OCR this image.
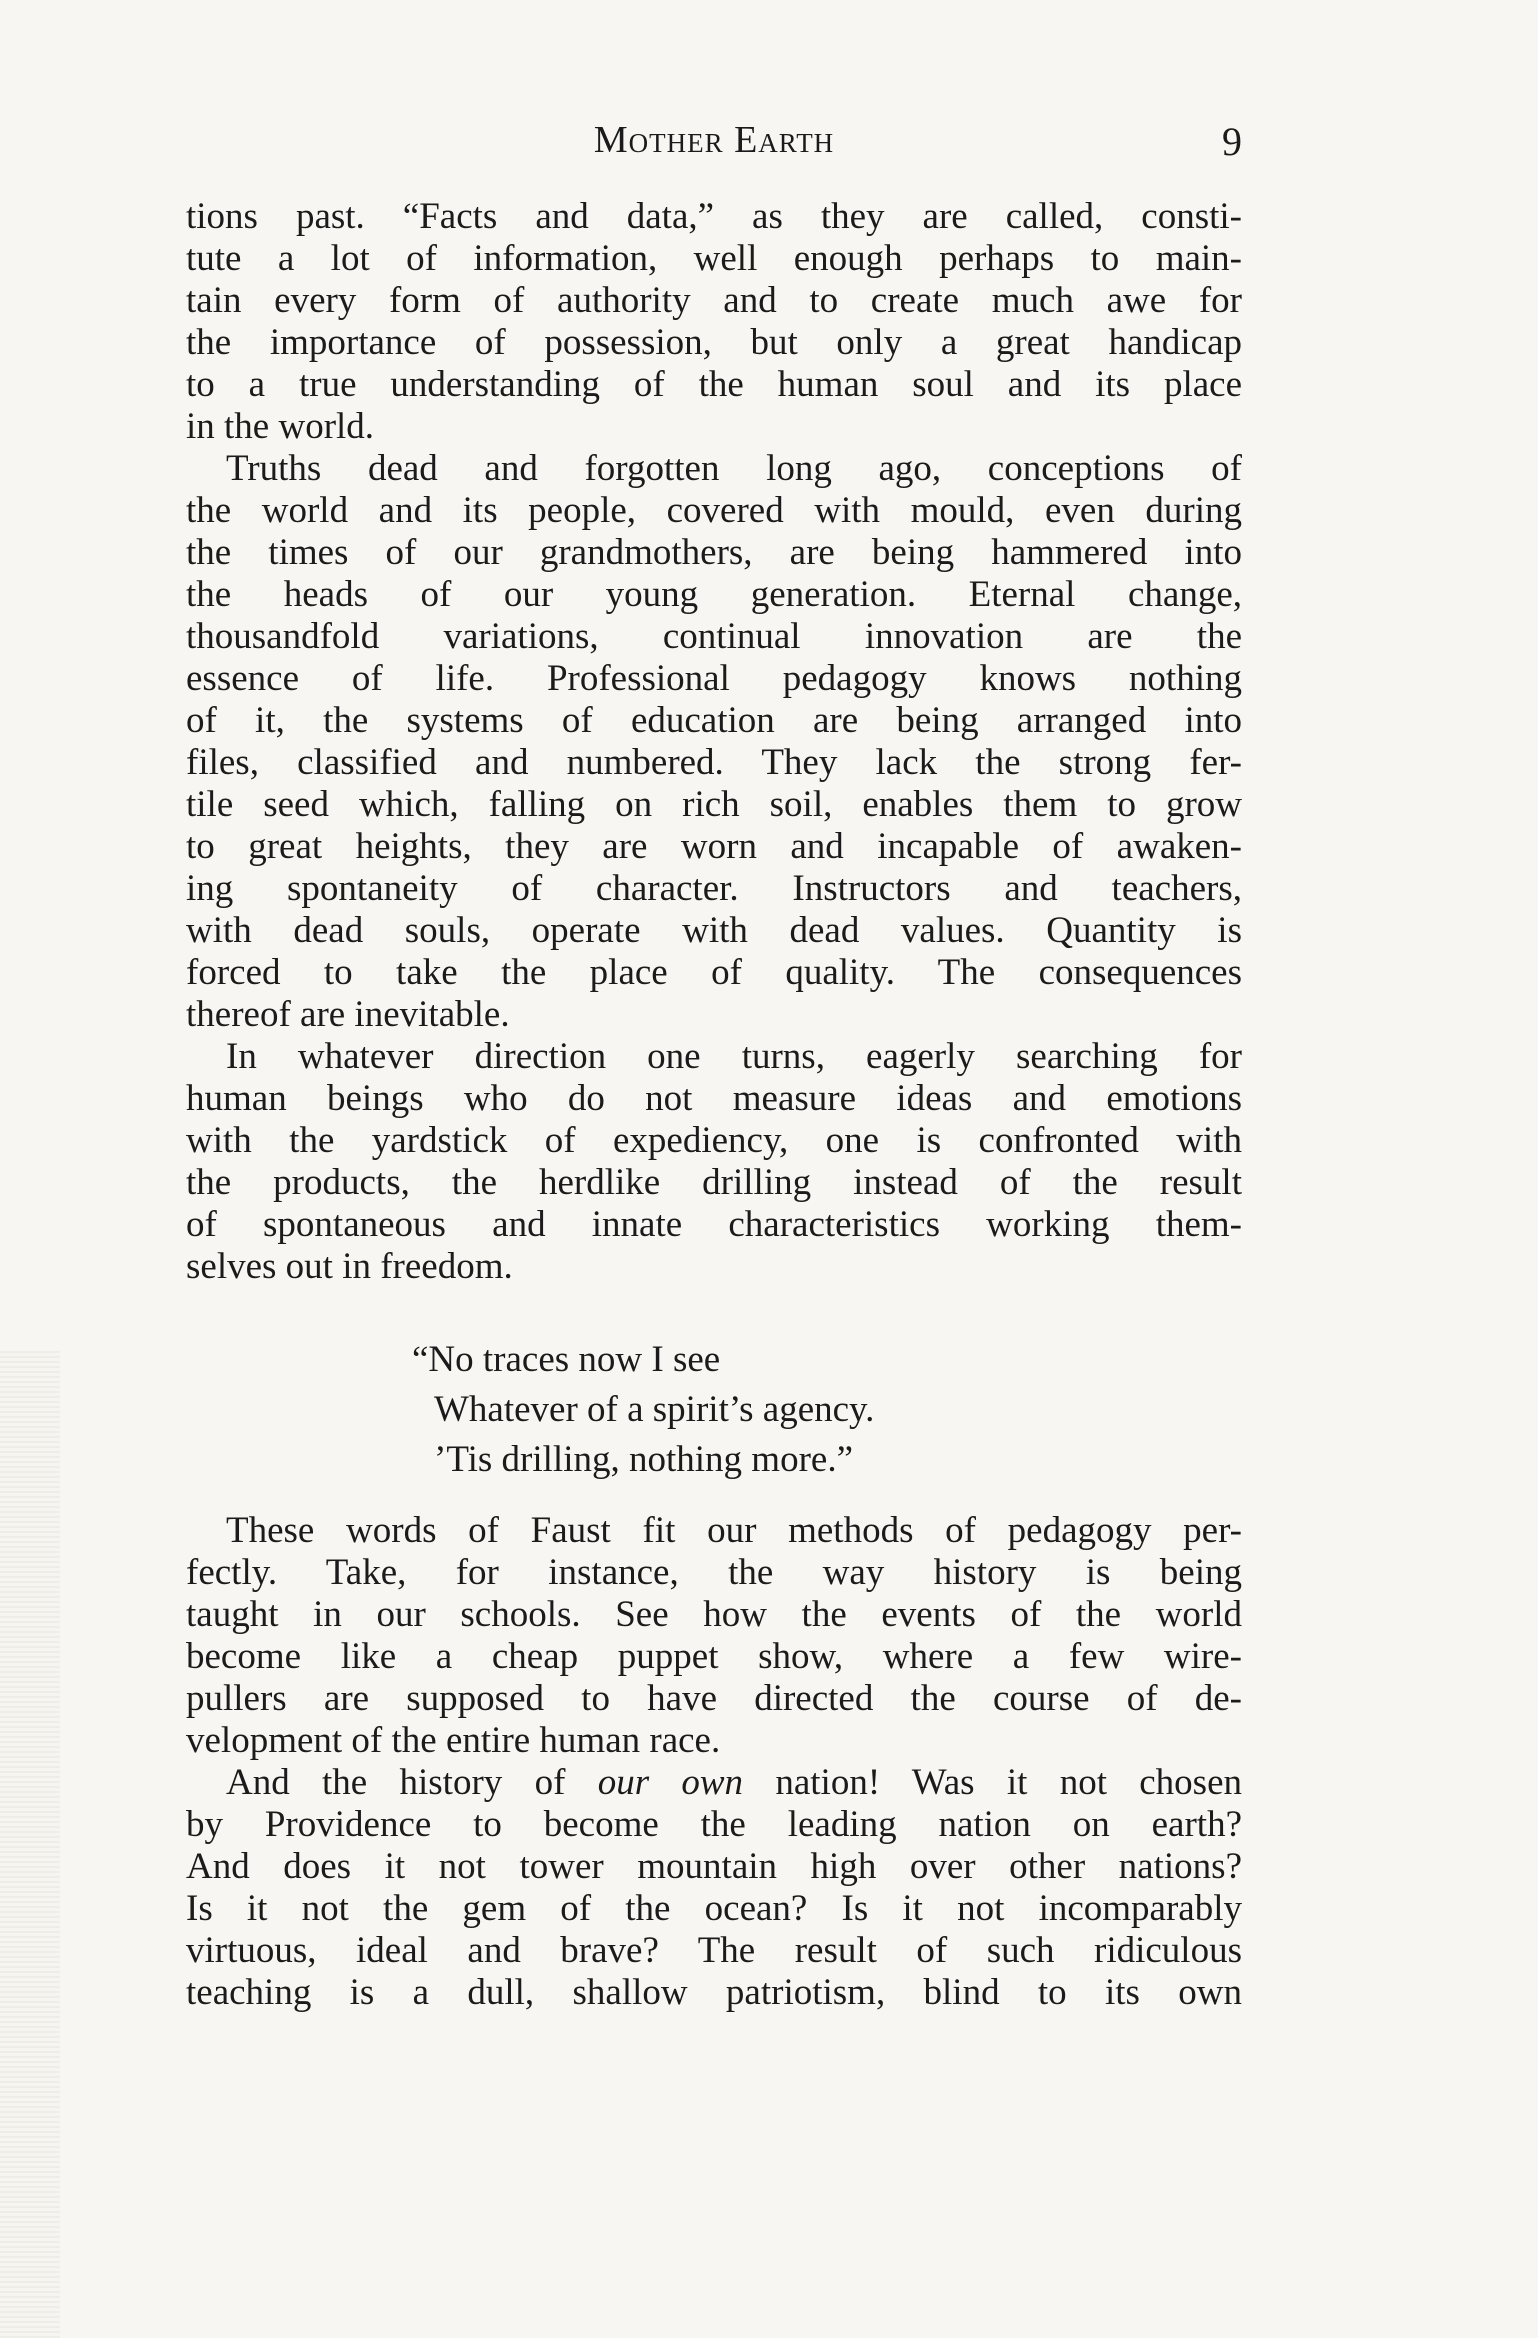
Mother Earth	9
tions past. “Facts and data,” as they are called, consti-
tute a lot of information, well enough perhaps to main-
tain every form of authority and to create much awe for
the importance of possession, but only a great handicap
to a true understanding of the human soul and its place
in the world.
Truths dead and forgotten long ago, conceptions of
the world and its people, covered with mould, even during
the times of our grandmothers, are being hammered into
the heads of our young generation. Eternal change,
thousandfold variations, continual innovation are the
essence of life. Professional pedagogy knows nothing
of it, the systems of education are being arranged into
files, classified and numbered. They lack the strong fer-
tile seed which, falling on rich soil, enables them to grow
to great heights, they are worn and incapable of awaken-
ing spontaneity of character. Instructors and teachers,
with dead souls, operate with dead values. Quantity is
forced to take the place of quality. The consequences
thereof are inevitable.
In whatever direction one turns, eagerly searching for
human beings who do not measure ideas and emotions
with the yardstick of expediency, one is confronted with
the products, the herdlike drilling instead of the result
of spontaneous and innate characteristics working them-
selves out in freedom.
“No traces now I see
Whatever of a spirit’s agency.
’Tis drilling, nothing more.”
These words of Faust fit our methods of pedagogy per-
fectly. Take, for instance, the way history is being
taught in our schools. See how the events of the world
become like a cheap puppet show, where a few wire-
pullers are supposed to have directed the course of de-
velopment of the entire human race.
And the history of our own nation! Was it not chosen
by Providence to become the leading nation on earth?
And does it not tower mountain high over other nations?
Is it not the gem of the ocean? Is it not incomparably
virtuous, ideal and brave? The result of such ridiculous
teaching is a dull, shallow patriotism, blind to its own
